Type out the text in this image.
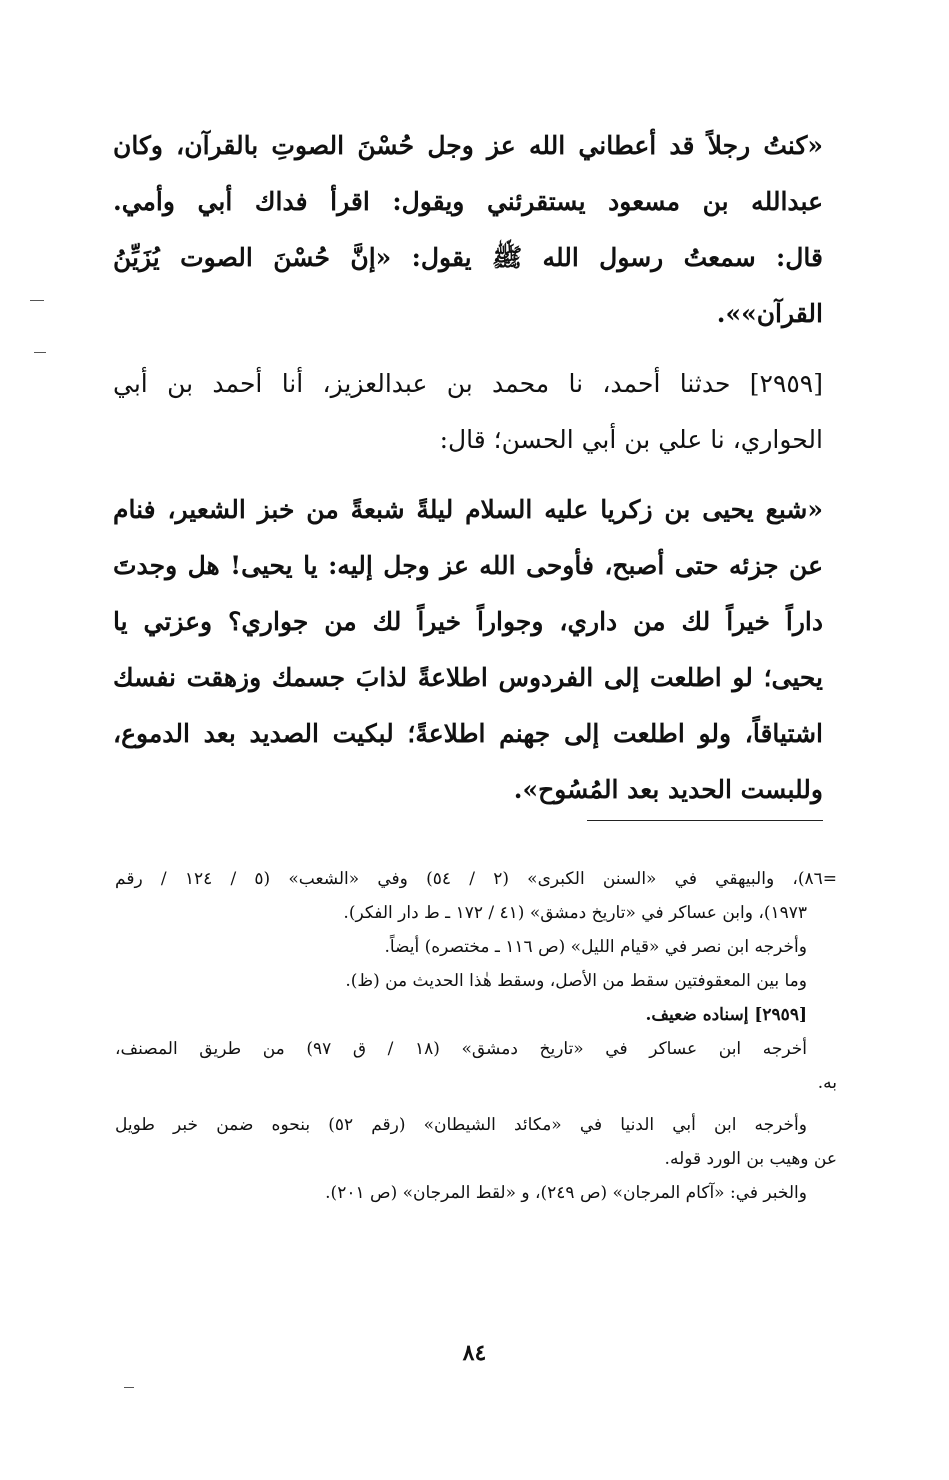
«كنتُ رجلاً قد أعطاني الله عز وجل حُسْنَ الصوتِ بالقرآن، وكان
عبدالله بن مسعود يستقرئني ويقول: اقرأ فداك أبي وأمي.
قال: سمعتُ رسول الله ﷺ يقول: «إنَّ حُسْنَ الصوت يُزَيِّنُ
القرآن»».
[٢٩٥٩] حدثنا أحمد، نا محمد بن عبدالعزيز، أنا أحمد بن أبي
الحواري، نا علي بن أبي الحسن؛ قال:
«شبع يحيى بن زكريا عليه السلام ليلةً شبعةً من خبز الشعير، فنام
عن جزئه حتى أصبح، فأوحى الله عز وجل إليه: يا يحيى! هل وجدتَ
داراً خيراً لك من داري، وجواراً خيراً لك من جواري؟ وعزتي يا
يحيى؛ لو اطلعت إلى الفردوس اطلاعةً لذابَ جسمك وزهقت نفسك
اشتياقاً، ولو اطلعت إلى جهنم اطلاعةً؛ لبكيت الصديد بعد الدموع،
وللبست الحديد بعد المُسُوح».
=٨٦)، والبيهقي في «السنن الكبرى» (٢ / ٥٤) وفي «الشعب» (٥ / ١٢٤ / رقم
١٩٧٣)، وابن عساكر في «تاريخ دمشق» (٤١ / ١٧٢ ـ ط دار الفكر).
وأخرجه ابن نصر في «قيام الليل» (ص ١١٦ ـ مختصره) أيضاً.
وما بين المعقوفتين سقط من الأصل، وسقط هٰذا الحديث من (ظ).
[٢٩٥٩] إسناده ضعيف.
أخرجه ابن عساكر في «تاريخ دمشق» (١٨ / ق ٩٧) من طريق المصنف،
به.
وأخرجه ابن أبي الدنيا في «مكائد الشيطان» (رقم ٥٢) بنحوه ضمن خبر طويل
عن وهيب بن الورد قوله.
والخبر في: «آكام المرجان» (ص ٢٤٩)، و «لقط المرجان» (ص ٢٠١).
٨٤
